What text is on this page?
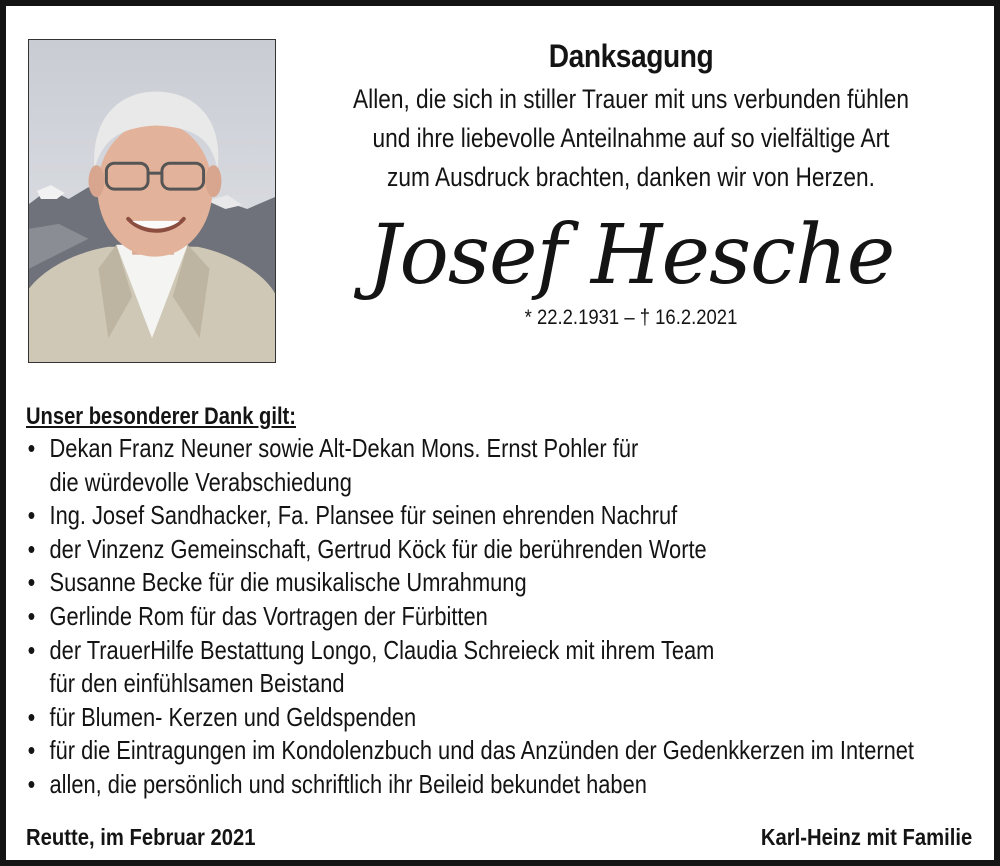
Danksagung
Allen, die sich in stiller Trauer mit uns verbunden fühlen
und ihre liebevolle Anteilnahme auf so vielfältige Art
zum Ausdruck brachten, danken wir von Herzen.
Josef Hesche
* 22.2.1931 – † 16.2.2021
Unser besonderer Dank gilt:
• Dekan Franz Neuner sowie Alt-Dekan Mons. Ernst Pohler für
die würdevolle Verabschiedung
• Ing. Josef Sandhacker, Fa. Plansee für seinen ehrenden Nachruf
• der Vinzenz Gemeinschaft, Gertrud Köck für die berührenden Worte
• Susanne Becke für die musikalische Umrahmung
• Gerlinde Rom für das Vortragen der Fürbitten
• der TrauerHilfe Bestattung Longo, Claudia Schreieck mit ihrem Team
für den einfühlsamen Beistand
• für Blumen- Kerzen und Geldspenden
• für die Eintragungen im Kondolenzbuch und das Anzünden der Gedenkkerzen im Internet
• allen, die persönlich und schriftlich ihr Beileid bekundet haben
Reutte, im Februar 2021	Karl-Heinz mit Familie
